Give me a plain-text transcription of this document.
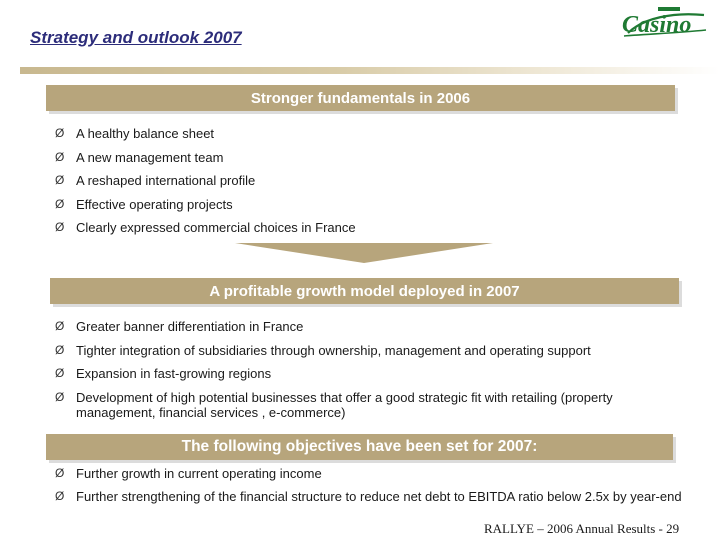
Strategy and outlook 2007	Casino
Stronger fundamentals in 2006
Ø A healthy balance sheet
Ø A new management team
Ø A reshaped international profile
Ø Effective operating projects
Ø Clearly expressed commercial choices in France
A profitable growth model deployed in 2007
Ø Greater banner differentiation in France
Ø Tighter integration of subsidiaries through ownership, management and operating support
Ø Expansion in fast-growing regions
Ø Development of high potential businesses that offer a good strategic fit with retailing (property management, financial services , e-commerce)
The following objectives have been set for 2007:
Ø Further growth in current operating income
Ø Further strengthening of the financial structure to reduce net debt to EBITDA ratio below 2.5x by year-end
RALLYE – 2006 Annual Results - 29
